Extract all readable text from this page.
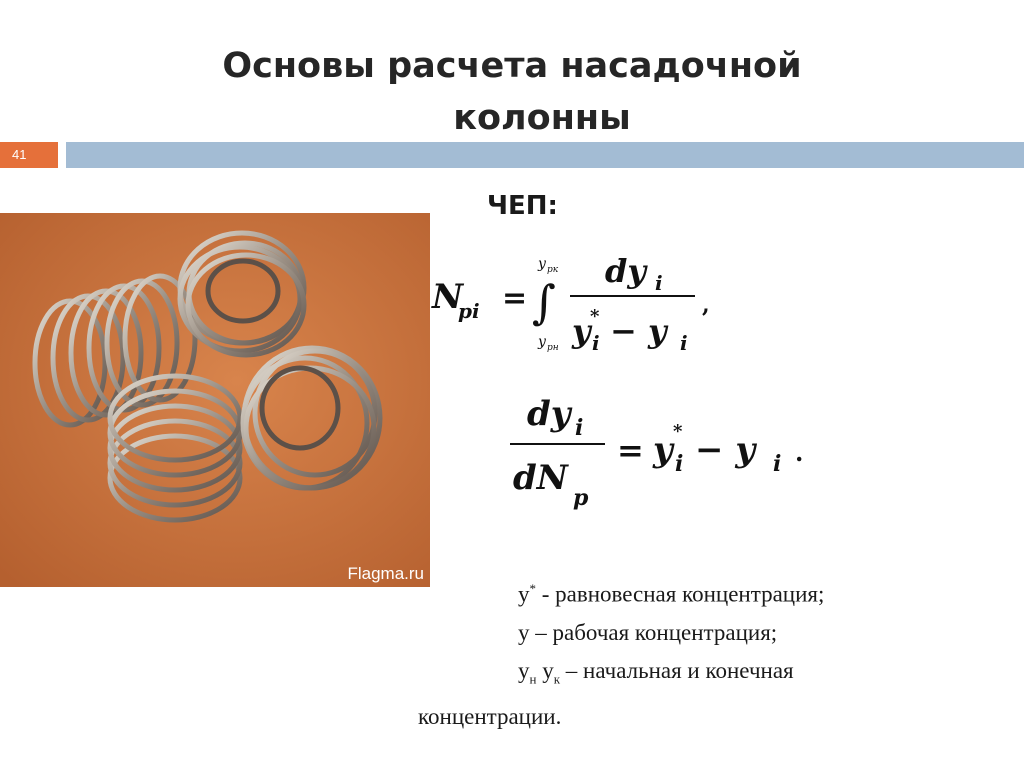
Основы расчета насадочной
колонны
41
Flagma.ru
ЧЕП:
N
pi = ∫
y pк
y pн
dy i
y *
i − y i
,
dy i
dN p
= y *
i − y i .
y* - равновесная концентрация;
y – рабочая концентрация;
$y_н$ $y_к$ – начальная и конечная
концентрации.
